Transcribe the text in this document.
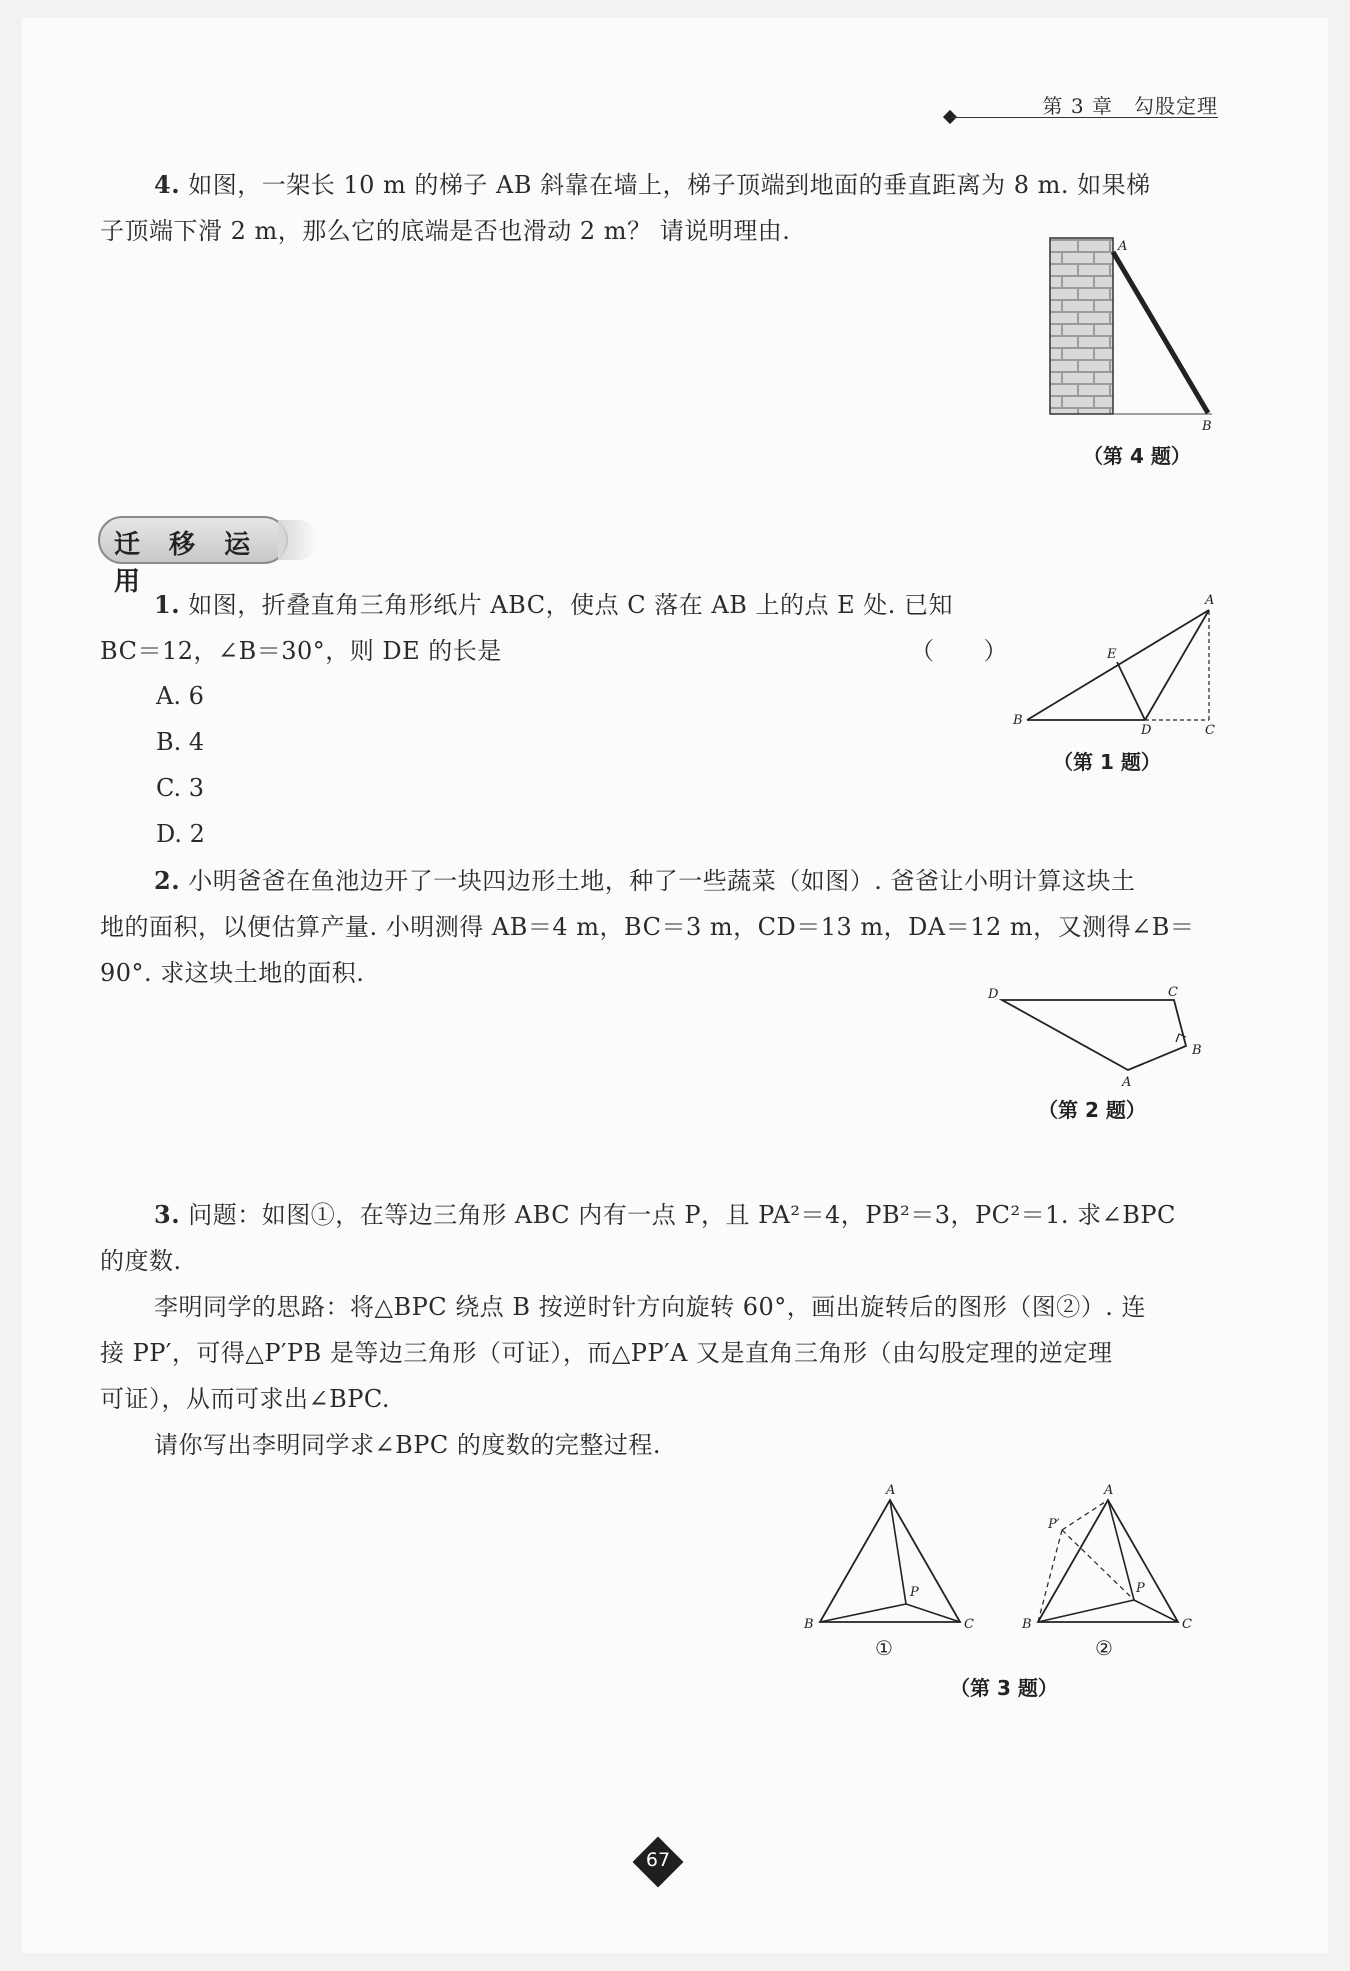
第 3 章　勾股定理
4. 如图，一架长 10 m 的梯子 AB 斜靠在墙上，梯子顶端到地面的垂直距离为 8 m. 如果梯
子顶端下滑 2 m，那么它的底端是否也滑动 2 m？ 请说明理由.
A
B
（第 4 题）
迁 移 运 用
1. 如图，折叠直角三角形纸片 ABC，使点 C 落在 AB 上的点 E 处. 已知
BC＝12，∠B＝30°，则 DE 的长是	（　　）
A. 6
B. 4
C. 3
D. 2
A
B
C
D
E
（第 1 题）
2. 小明爸爸在鱼池边开了一块四边形土地，种了一些蔬菜（如图）. 爸爸让小明计算这块土
地的面积，以便估算产量. 小明测得 AB＝4 m，BC＝3 m，CD＝13 m，DA＝12 m，又测得∠B＝
90°. 求这块土地的面积.
D	C
B
A
（第 2 题）
3. 问题：如图①，在等边三角形 ABC 内有一点 P，且 PA²＝4，PB²＝3，PC²＝1. 求∠BPC
的度数.
李明同学的思路：将△BPC 绕点 B 按逆时针方向旋转 60°，画出旋转后的图形（图②）. 连
接 PP′，可得△P′PB 是等边三角形（可证），而△PP′A 又是直角三角形（由勾股定理的逆定理
可证），从而可求出∠BPC.
请你写出李明同学求∠BPC 的度数的完整过程.
A
B	C
P
①
A
B	C
P
P′
②
（第 3 题）
67
